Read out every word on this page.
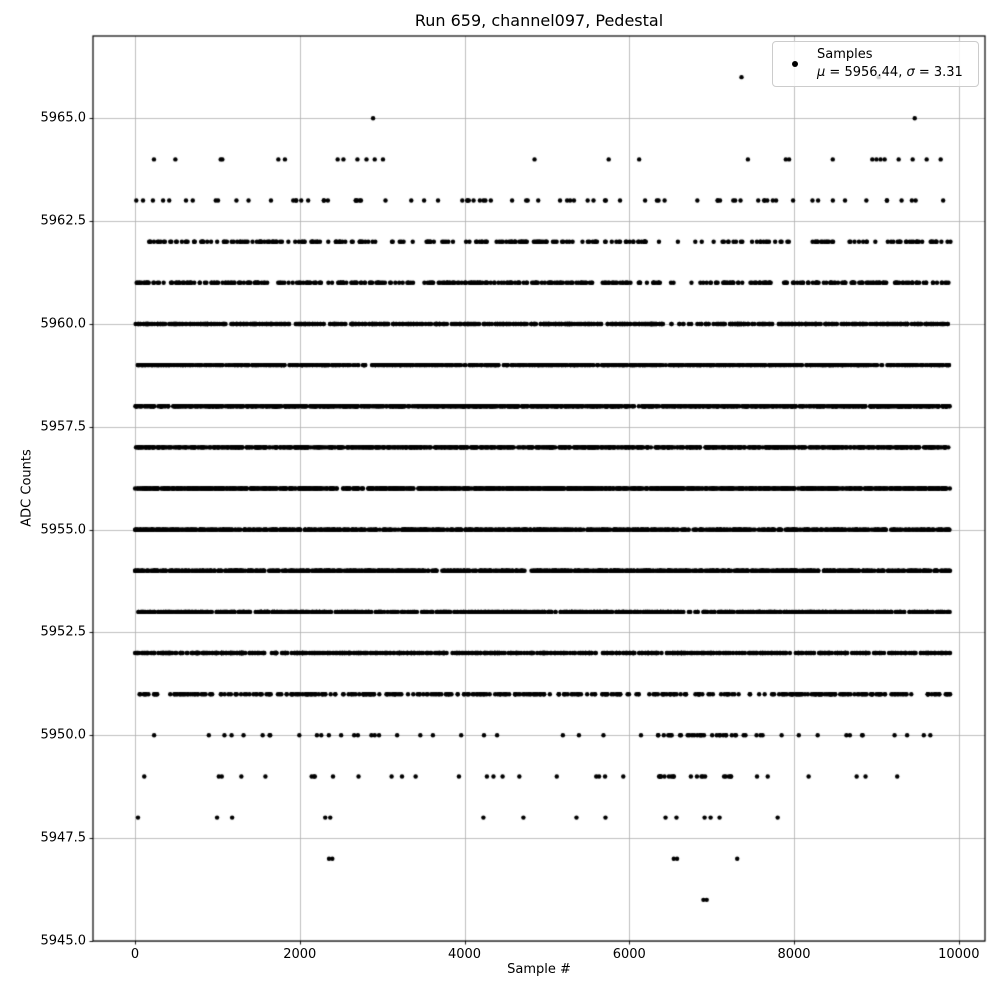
Run 659, channel097, Pedestal
Sample #
ADC Counts
0	2000	4000	6000	8000	10000
5945.0
5947.5
5950.0
5952.5
5955.0
5957.5
5960.0
5962.5
5965.0
Samples
μ = 5956.44, σ = 3.31
